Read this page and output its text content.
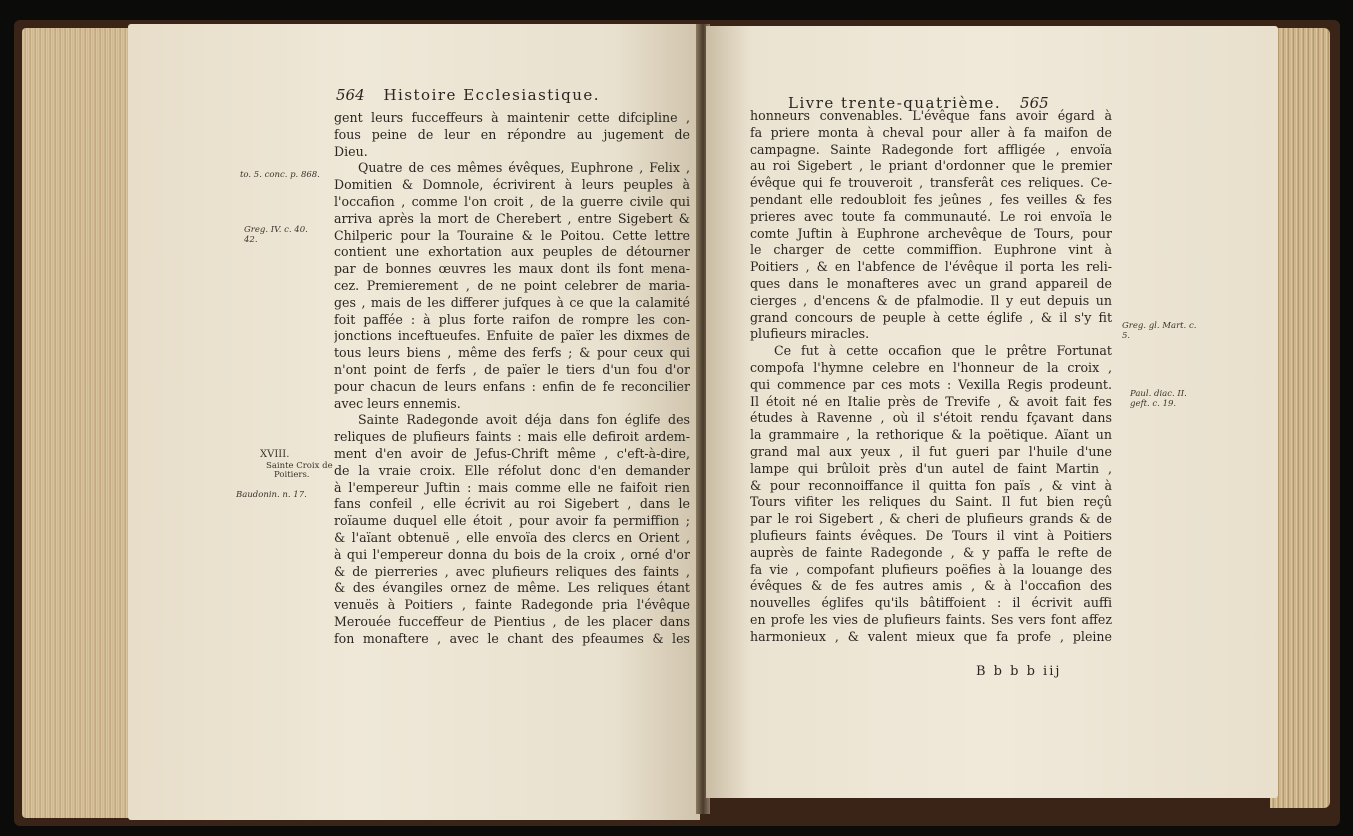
564 Histoire Ecclesiastique.
to. 5. conc. p. 868.
Greg. IV. c. 40.
42.
XVIII.
Sainte Croix de
Poitiers.
Baudonin. n. 17.
gent leurs fucceffeurs à maintenir cette difcipline ,
fous peine de leur en répondre au jugement de
Dieu.
Quatre de ces mêmes évêques, Euphrone , Felix ,
Domitien & Domnole, écrivirent à leurs peuples à
l'occafion , comme l'on croit , de la guerre civile qui
arriva après la mort de Cherebert , entre Sigebert &
Chilperic pour la Touraine & le Poitou. Cette lettre
contient une exhortation aux peuples de détourner
par de bonnes œuvres les maux dont ils font mena-
cez. Premierement , de ne point celebrer de maria-
ges , mais de les differer jufques à ce que la calamité
foit paffée : à plus forte raifon de rompre les con-
jonctions inceftueufes. Enfuite de païer les dixmes de
tous leurs biens , même des ferfs ; & pour ceux qui
n'ont point de ferfs , de païer le tiers d'un fou d'or
pour chacun de leurs enfans : enfin de fe reconcilier
avec leurs ennemis.
Sainte Radegonde avoit déja dans fon églife des
reliques de plufieurs faints : mais elle defiroit ardem-
ment d'en avoir de Jefus-Chrift même , c'eft-à-dire,
de la vraie croix. Elle réfolut donc d'en demander
à l'empereur Juftin : mais comme elle ne faifoit rien
fans confeil , elle écrivit au roi Sigebert , dans le
roïaume duquel elle étoit , pour avoir fa permiffion ;
& l'aïant obtenuë , elle envoïa des clercs en Orient ,
à qui l'empereur donna du bois de la croix , orné d'or
& de pierreries , avec plufieurs reliques des faints ,
& des évangiles ornez de même. Les reliques étant
venuës à Poitiers , fainte Radegonde pria l'évêque
Merouée fucceffeur de Pientius , de les placer dans
fon monaftere , avec le chant des pfeaumes & les
Livre trente-quatrième. 565
honneurs convenables. L'évêque fans avoir égard à
fa priere monta à cheval pour aller à fa maifon de
campagne. Sainte Radegonde fort affligée , envoïa
au roi Sigebert , le priant d'ordonner que le premier
évêque qui fe trouveroit , transferât ces reliques. Ce-
pendant elle redoubloit fes jeûnes , fes veilles & fes
prieres avec toute fa communauté. Le roi envoïa le
comte Juftin à Euphrone archevêque de Tours, pour
le charger de cette commiffion. Euphrone vint à
Poitiers , & en l'abfence de l'évêque il porta les reli-
ques dans le monafteres avec un grand appareil de
cierges , d'encens & de pfalmodie. Il y eut depuis un
grand concours de peuple à cette églife , & il s'y fit
plufieurs miracles.
Ce fut à cette occafion que le prêtre Fortunat
compofa l'hymne celebre en l'honneur de la croix ,
qui commence par ces mots : Vexilla Regis prodeunt.
Il étoit né en Italie près de Trevife , & avoit fait fes
études à Ravenne , où il s'étoit rendu fçavant dans
la grammaire , la rethorique & la poëtique. Aïant un
grand mal aux yeux , il fut gueri par l'huile d'une
lampe qui brûloit près d'un autel de faint Martin ,
& pour reconnoiffance il quitta fon païs , & vint à
Tours vifiter les reliques du Saint. Il fut bien reçû
par le roi Sigebert , & cheri de plufieurs grands & de
plufieurs faints évêques. De Tours il vint à Poitiers
auprès de fainte Radegonde , & y paffa le refte de
fa vie , compofant plufieurs poëfies à la louange des
évêques & de fes autres amis , & à l'occafion des
nouvelles églifes qu'ils bâtiffoient : il écrivit auffi
en profe les vies de plufieurs faints. Ses vers font affez
harmonieux , & valent mieux que fa profe , pleine
Greg. gl. Mart. c.
5.
Paul. diac. II.
geft. c. 19.
B b b b iij
